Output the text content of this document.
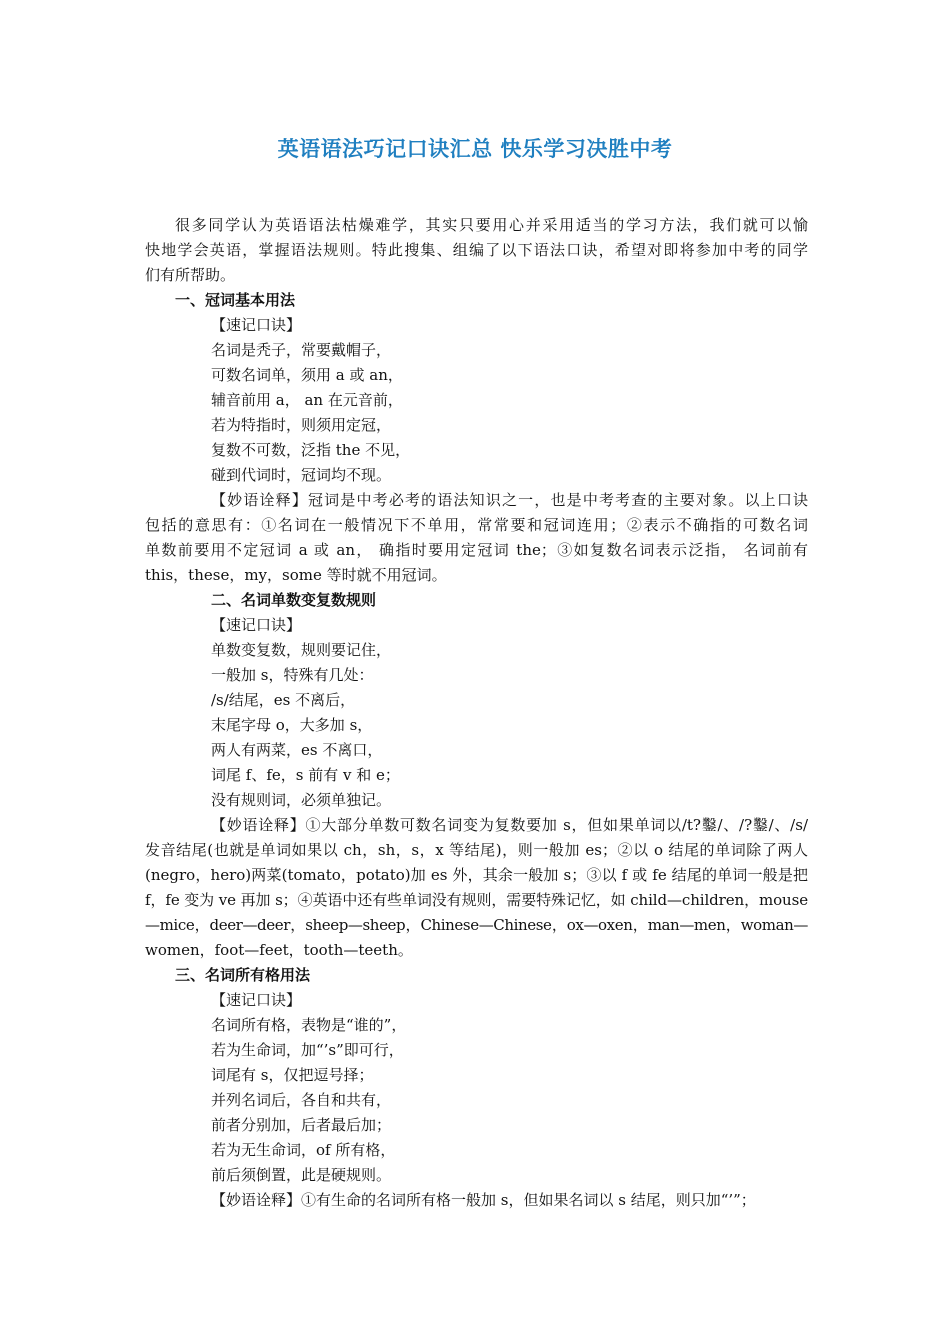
英语语法巧记口诀汇总 快乐学习决胜中考

很多同学认为英语语法枯燥难学，其实只要用心并采用适当的学习方法，我们就可以愉

快地学会英语，掌握语法规则。特此搜集、组编了以下语法口诀，希望对即将参加中考的同学

们有所帮助。

一、冠词基本用法

【速记口诀】

名词是秃子，常要戴帽子，

可数名词单，须用 a 或 an，

辅音前用 a， an 在元音前，

若为特指时，则须用定冠，

复数不可数，泛指 the 不见，

碰到代词时，冠词均不现。

【妙语诠释】冠词是中考必考的语法知识之一，也是中考考查的主要对象。以上口诀

包括的意思有：①名词在一般情况下不单用，常常要和冠词连用；②表示不确指的可数名词

单数前要用不定冠词 a 或 an， 确指时要用定冠词 the；③如复数名词表示泛指， 名词前有

this，these，my，some 等时就不用冠词。

二、名词单数变复数规则

【速记口诀】

单数变复数，规则要记住，

一般加 s，特殊有几处：

/s/结尾，es 不离后，

末尾字母 o，大多加 s，

两人有两菜，es 不离口，

词尾 f、fe，s 前有 v 和 e；

没有规则词，必须单独记。

【妙语诠释】①大部分单数可数名词变为复数要加 s，但如果单词以/t?鑿/、/?鑿/、/s/

发音结尾(也就是单词如果以 ch，sh，s，x 等结尾)，则一般加 es；②以 o 结尾的单词除了两人

(negro，hero)两菜(tomato，potato)加 es 外，其余一般加 s；③以 f 或 fe 结尾的单词一般是把

f，fe 变为 ve 再加 s；④英语中还有些单词没有规则，需要特殊记忆，如 child—children，mouse

—mice，deer—deer，sheep—sheep，Chinese—Chinese，ox—oxen，man—men，woman—

women，foot—feet，tooth—teeth。

三、名词所有格用法

【速记口诀】

名词所有格，表物是“谁的”，

若为生命词，加“’s”即可行，

词尾有 s，仅把逗号择；

并列名词后，各自和共有，

前者分别加，后者最后加；

若为无生命词，of 所有格，

前后须倒置，此是硬规则。

【妙语诠释】①有生命的名词所有格一般加 s，但如果名词以 s 结尾，则只加“’”；
